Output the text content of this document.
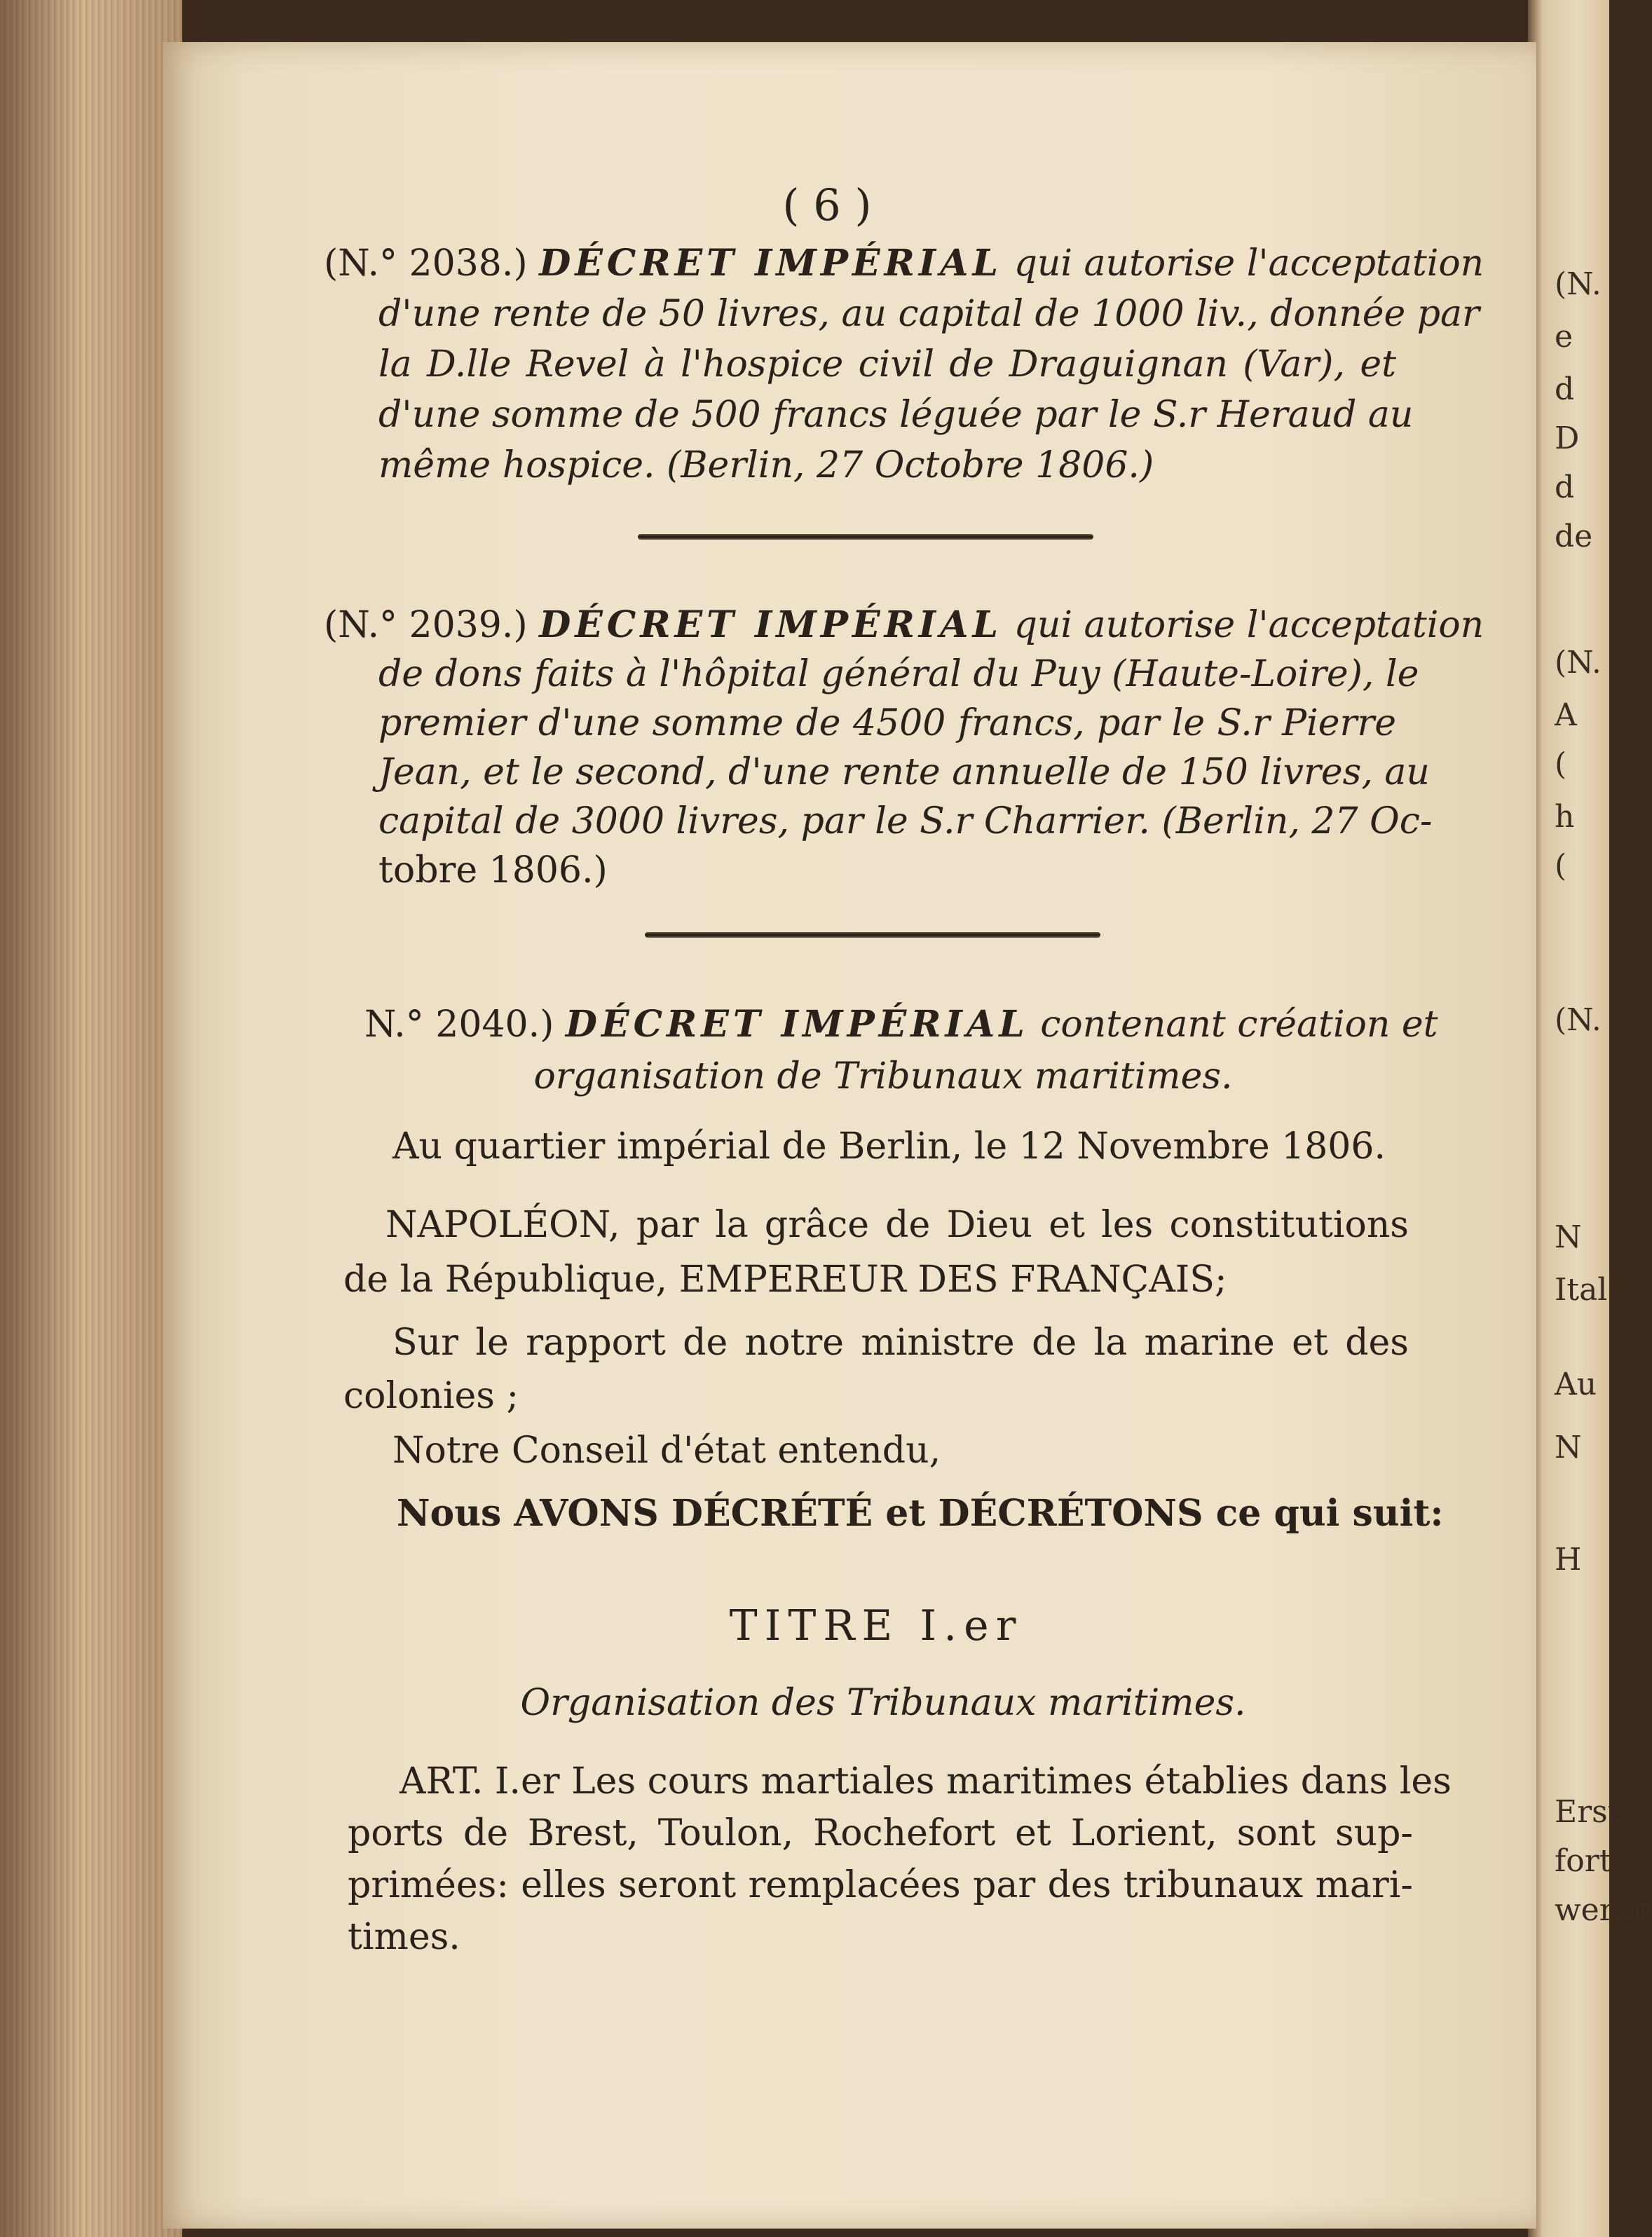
(N.
e
d
D
d
de
(N.
A
(
h
(
(N.
N
Ital
Au
N
H
Erst
fort
werde
( 6 )
(N.° 2038.) DÉCRET IMPÉRIAL qui autorise l'acceptation
d'une rente de 50 livres, au capital de 1000 liv., donnée par
la D.lle Revel à l'hospice civil de Draguignan (Var), et
d'une somme de 500 francs léguée par le S.r Heraud au
même hospice. (Berlin, 27 Octobre 1806.)
(N.° 2039.) DÉCRET IMPÉRIAL qui autorise l'acceptation
de dons faits à l'hôpital général du Puy (Haute-Loire), le
premier d'une somme de 4500 francs, par le S.r Pierre
Jean, et le second, d'une rente annuelle de 150 livres, au
capital de 3000 livres, par le S.r Charrier. (Berlin, 27 Oc-
tobre 1806.)
N.° 2040.) DÉCRET IMPÉRIAL contenant création et
organisation de Tribunaux maritimes.
Au quartier impérial de Berlin, le 12 Novembre 1806.
NAPOLÉON, par la grâce de Dieu et les constitutions
de la République, EMPEREUR DES FRANÇAIS;
Sur le rapport de notre ministre de la marine et des
colonies ;
Notre Conseil d'état entendu,
Nous AVONS DÉCRÉTÉ et DÉCRÉTONS ce qui suit:
TITRE I.er
Organisation des Tribunaux maritimes.
ART. I.er Les cours martiales maritimes établies dans les
ports de Brest, Toulon, Rochefort et Lorient, sont sup-
primées: elles seront remplacées par des tribunaux mari-
times.
